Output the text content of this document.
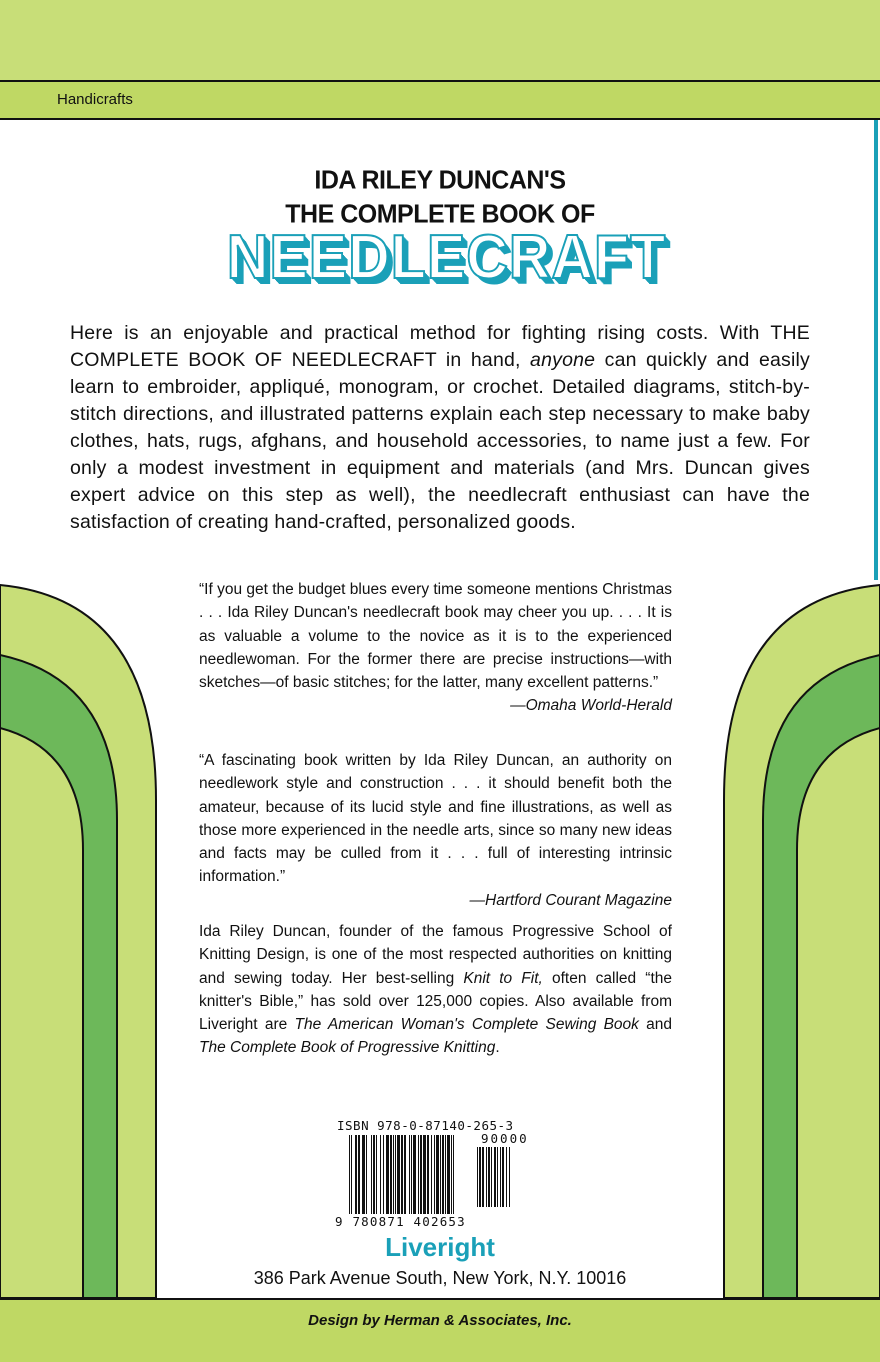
Handicrafts
IDA RILEY DUNCAN'S
THE COMPLETE BOOK OF
NEEDLECRAFT
Here is an enjoyable and practical method for fighting rising costs. With THE COMPLETE BOOK OF NEEDLECRAFT in hand, anyone can quickly and easily learn to embroider, appliqué, monogram, or crochet. Detailed diagrams, stitch-by-stitch directions, and illustrated patterns explain each step necessary to make baby clothes, hats, rugs, afghans, and household accessories, to name just a few. For only a modest investment in equipment and materials (and Mrs. Duncan gives expert advice on this step as well), the needlecraft enthusiast can have the satisfaction of creating hand-crafted, personalized goods.
“If you get the budget blues every time someone mentions Christmas . . . Ida Riley Duncan's needlecraft book may cheer you up. . . . It is as valuable a volume to the novice as it is to the experienced needlewoman. For the former there are precise instructions—with sketches—of basic stitches; for the latter, many excellent patterns.”
—Omaha World-Herald
“A fascinating book written by Ida Riley Duncan, an authority on needlework style and construction . . . it should benefit both the amateur, because of its lucid style and fine illustrations, as well as those more experienced in the needle arts, since so many new ideas and facts may be culled from it . . . full of interesting intrinsic information.”
—Hartford Courant Magazine
Ida Riley Duncan, founder of the famous Progressive School of Knitting Design, is one of the most respected authorities on knitting and sewing today. Her best-selling Knit to Fit, often called “the knitter's Bible,” has sold over 125,000 copies. Also available from Liveright are The American Woman's Complete Sewing Book and The Complete Book of Progressive Knitting.
ISBN 978-0-87140-265-3
90000
9 780871 402653
Liveright
386 Park Avenue South, New York, N.Y. 10016
Design by Herman & Associates, Inc.
